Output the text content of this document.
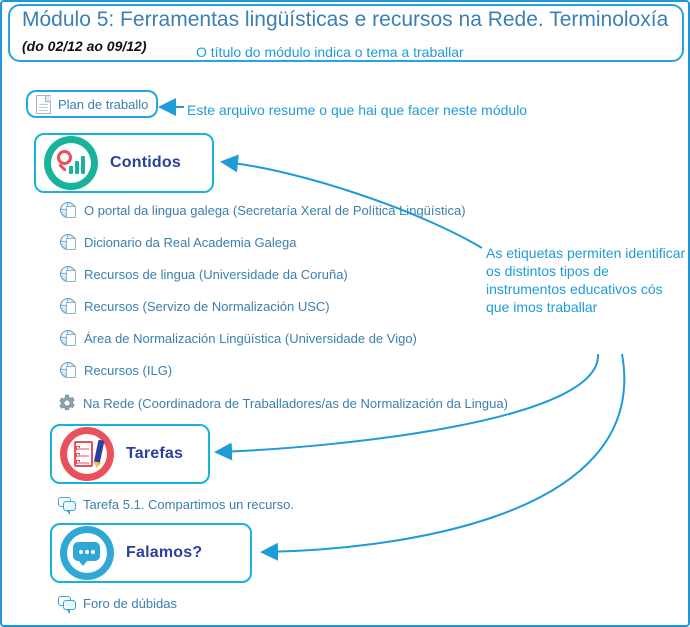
Módulo 5: Ferramentas lingüísticas e recursos na Rede. Terminoloxía
(do 02/12 ao 09/12)	O título do módulo indica o tema a traballar
Plan de traballo	Este arquivo resume o que hai que facer neste módulo
Contidos
O portal da lingua galega (Secretaría Xeral de Política Lingüística)
Dicionario da Real Academia Galega
Recursos de lingua (Universidade da Coruña)
Recursos (Servizo de Normalización USC)
Área de Normalización Lingüística (Universidade de Vigo)
Recursos (ILG)
Na Rede (Coordinadora de Traballadores/as de Normalización da Lingua)
Tarefas
Tarefa 5.1. Compartimos un recurso.
Falamos?
Foro de dúbidas
As etiquetas permiten identificar os distintos tipos de instrumentos educativos cós que imos traballar
